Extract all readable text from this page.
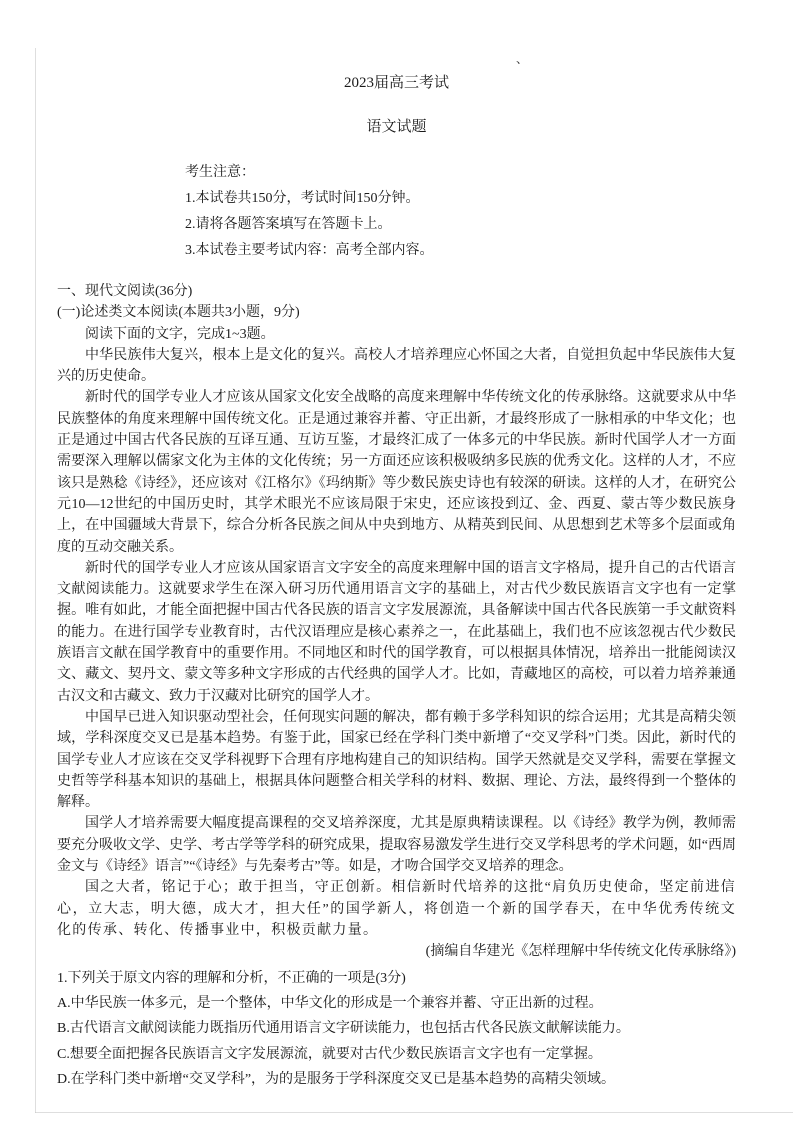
、
2023届高三考试
语文试题

考生注意：

1.本试卷共150分，考试时间150分钟。

2.请将各题答案填写在答题卡上。

3.本试卷主要考试内容：高考全部内容。

一、现代文阅读(36分)

(一)论述类文本阅读(本题共3小题，9分)

阅读下面的文字，完成1~3题。

中华民族伟大复兴，根本上是文化的复兴。高校人才培养理应心怀国之大者，自觉担负起中华民族伟大复兴的历史使命。

新时代的国学专业人才应该从国家文化安全战略的高度来理解中华传统文化的传承脉络。这就要求从中华民族整体的角度来理解中国传统文化。正是通过兼容并蓄、守正出新，才最终形成了一脉相承的中华文化；也正是通过中国古代各民族的互译互通、互访互鉴，才最终汇成了一体多元的中华民族。新时代国学人才一方面需要深入理解以儒家文化为主体的文化传统；另一方面还应该积极吸纳多民族的优秀文化。这样的人才，不应该只是熟稔《诗经》，还应该对《江格尔》《玛纳斯》等少数民族史诗也有较深的研读。这样的人才，在研究公元10—12世纪的中国历史时，其学术眼光不应该局限于宋史，还应该投到辽、金、西夏、蒙古等少数民族身上，在中国疆域大背景下，综合分析各民族之间从中央到地方、从精英到民间、从思想到艺术等多个层面或角度的互动交融关系。

新时代的国学专业人才应该从国家语言文字安全的高度来理解中国的语言文字格局，提升自己的古代语言文献阅读能力。这就要求学生在深入研习历代通用语言文字的基础上，对古代少数民族语言文字也有一定掌握。唯有如此，才能全面把握中国古代各民族的语言文字发展源流，具备解读中国古代各民族第一手文献资料的能力。在进行国学专业教育时，古代汉语理应是核心素养之一，在此基础上，我们也不应该忽视古代少数民族语言文献在国学教育中的重要作用。不同地区和时代的国学教育，可以根据具体情况，培养出一批能阅读汉文、藏文、契丹文、蒙文等多种文字形成的古代经典的国学人才。比如，青藏地区的高校，可以着力培养兼通古汉文和古藏文、致力于汉藏对比研究的国学人才。

中国早已进入知识驱动型社会，任何现实问题的解决，都有赖于多学科知识的综合运用；尤其是高精尖领域，学科深度交叉已是基本趋势。有鉴于此，国家已经在学科门类中新增了“交叉学科”门类。因此，新时代的国学专业人才应该在交叉学科视野下合理有序地构建自己的知识结构。国学天然就是交叉学科，需要在掌握文史哲等学科基本知识的基础上，根据具体问题整合相关学科的材料、数据、理论、方法，最终得到一个整体的解释。

国学人才培养需要大幅度提高课程的交叉培养深度，尤其是原典精读课程。以《诗经》教学为例，教师需要充分吸收文学、史学、考古学等学科的研究成果，提取容易激发学生进行交叉学科思考的学术问题，如“西周金文与《诗经》语言”“《诗经》与先秦考古”等。如是，才吻合国学交叉培养的理念。

国之大者，铭记于心；敢于担当，守正创新。相信新时代培养的这批“肩负历史使命，坚定前进信心，立大志，明大德，成大才，担大任”的国学新人，将创造一个新的国学春天，在中华优秀传统文化的传承、转化、传播事业中，积极贡献力量。

(摘编自华建光《怎样理解中华传统文化传承脉络》)

1.下列关于原文内容的理解和分析，不正确的一项是(3分)

A.中华民族一体多元，是一个整体，中华文化的形成是一个兼容并蓄、守正出新的过程。

B.古代语言文献阅读能力既指历代通用语言文字研读能力，也包括古代各民族文献解读能力。

C.想要全面把握各民族语言文字发展源流，就要对古代少数民族语言文字也有一定掌握。

D.在学科门类中新增“交叉学科”，为的是服务于学科深度交叉已是基本趋势的高精尖领域。
